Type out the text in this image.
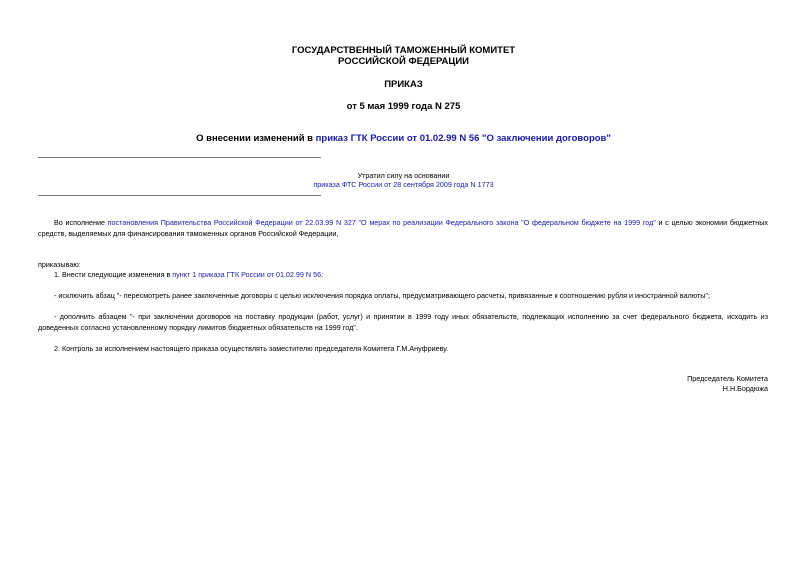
ГОСУДАРСТВЕННЫЙ ТАМОЖЕННЫЙ КОМИТЕТ
РОССИЙСКОЙ ФЕДЕРАЦИИ
ПРИКАЗ
от 5 мая 1999 года N 275
О внесении изменений в приказ ГТК России от 01.02.99 N 56 "О заключении договоров"
Утратил силу на основании
приказа ФТС России от 28 сентября 2009 года N 1773
Во исполнение постановления Правительства Российской Федерации от 22.03.99 N 327 "О мерах по реализации Федерального закона "О федеральном бюджете на 1999 год" и с целью экономии бюджетных средств, выделяемых для финансирования таможенных органов Российской Федерации,
приказываю:
1. Внести следующие изменения в пункт 1 приказа ГТК России от 01.02.99 N 56:
- исключить абзац "- пересмотреть ранее заключенные договоры с целью исключения порядка оплаты, предусматривающего расчеты, привязанные к соотношению рубля и иностранной валюты";
- дополнить абзацем "- при заключении договоров на поставку продукции (работ, услуг) и принятии в 1999 году иных обязательств, подлежащих исполнению за счет федерального бюджета, исходить из доведенных согласно установленному порядку лимитов бюджетных обязательств на 1999 год".
2. Контроль за исполнением настоящего приказа осуществлять заместителю председателя Комитета Г.М.Ануфриеву.
Председатель Комитета
Н.Н.Бордюжа
